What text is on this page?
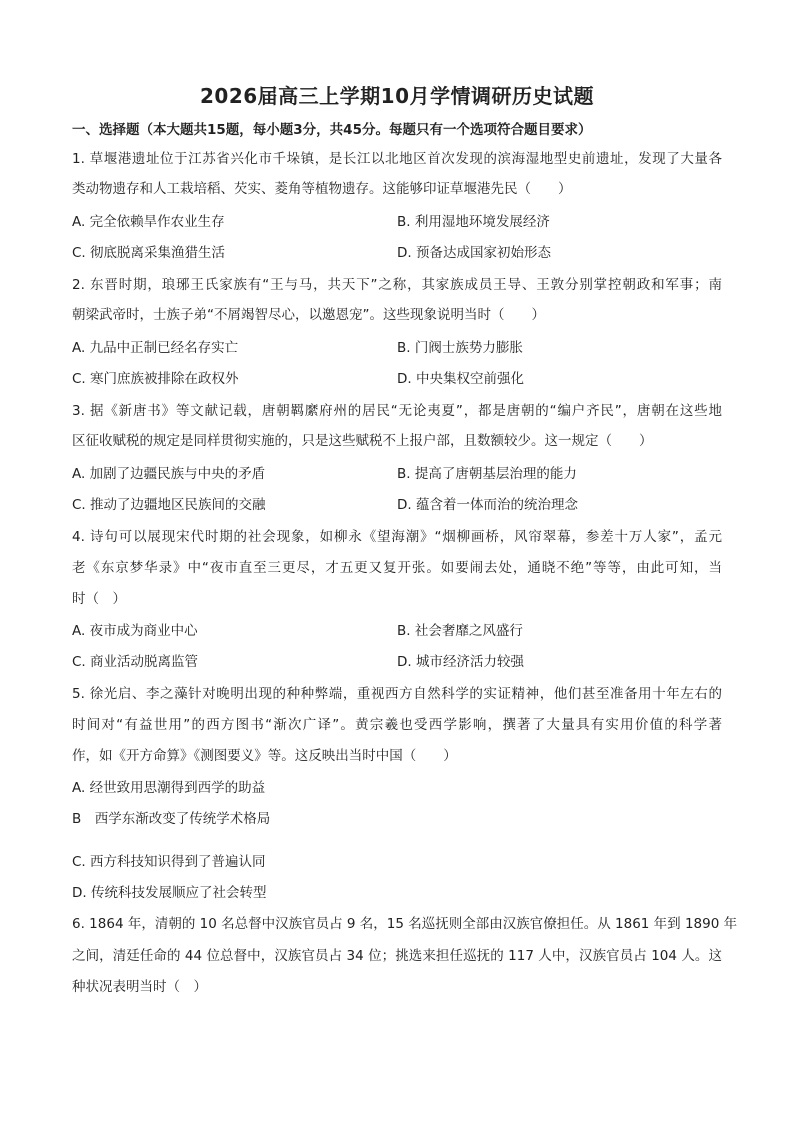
2026届高三上学期10月学情调研历史试题
一、选择题（本大题共15题，每小题3分，共45分。每题只有一个选项符合题目要求）
1. 草堰港遗址位于江苏省兴化市千垛镇，是长江以北地区首次发现的滨海湿地型史前遗址，发现了大量各
类动物遗存和人工栽培稻、芡实、菱角等植物遗存。这能够印证草堰港先民（　　）
A. 完全依赖旱作农业生存	B. 利用湿地环境发展经济
C. 彻底脱离采集渔猎生活	D. 预备达成国家初始形态
2. 东晋时期，琅琊王氏家族有“王与马，共天下”之称，其家族成员王导、王敦分别掌控朝政和军事；南
朝梁武帝时，士族子弟“不屑竭智尽心，以邀恩宠”。这些现象说明当时（　　）
A. 九品中正制已经名存实亡	B. 门阀士族势力膨胀
C. 寒门庶族被排除在政权外	D. 中央集权空前强化
3. 据《新唐书》等文献记载，唐朝羁縻府州的居民“无论夷夏”，都是唐朝的“编户齐民”，唐朝在这些地
区征收赋税的规定是同样贯彻实施的，只是这些赋税不上报户部，且数额较少。这一规定（　　）
A. 加剧了边疆民族与中央的矛盾	B. 提高了唐朝基层治理的能力
C. 推动了边疆地区民族间的交融	D. 蕴含着一体而治的统治理念
4. 诗句可以展现宋代时期的社会现象，如柳永《望海潮》“烟柳画桥，风帘翠幕，参差十万人家”，孟元
老《东京梦华录》中“夜市直至三更尽，才五更又复开张。如要闹去处，通晓不绝”等等，由此可知，当
时（　）
A. 夜市成为商业中心	B. 社会奢靡之风盛行
C. 商业活动脱离监管	D. 城市经济活力较强
5. 徐光启、李之藻针对晚明出现的种种弊端，重视西方自然科学的实证精神，他们甚至准备用十年左右的
时间对“有益世用”的西方图书“渐次广译”。黄宗羲也受西学影响，撰著了大量具有实用价值的科学著
作，如《开方命算》《测图要义》等。这反映出当时中国（　　）
A. 经世致用思潮得到西学的助益
B　西学东渐改变了传统学术格局
C. 西方科技知识得到了普遍认同
D. 传统科技发展顺应了社会转型
6. 1864 年，清朝的 10 名总督中汉族官员占 9 名，15 名巡抚则全部由汉族官僚担任。从 1861 年到 1890 年
之间，清廷任命的 44 位总督中，汉族官员占 34 位；挑选来担任巡抚的 117 人中，汉族官员占 104 人。这
种状况表明当时（　）
